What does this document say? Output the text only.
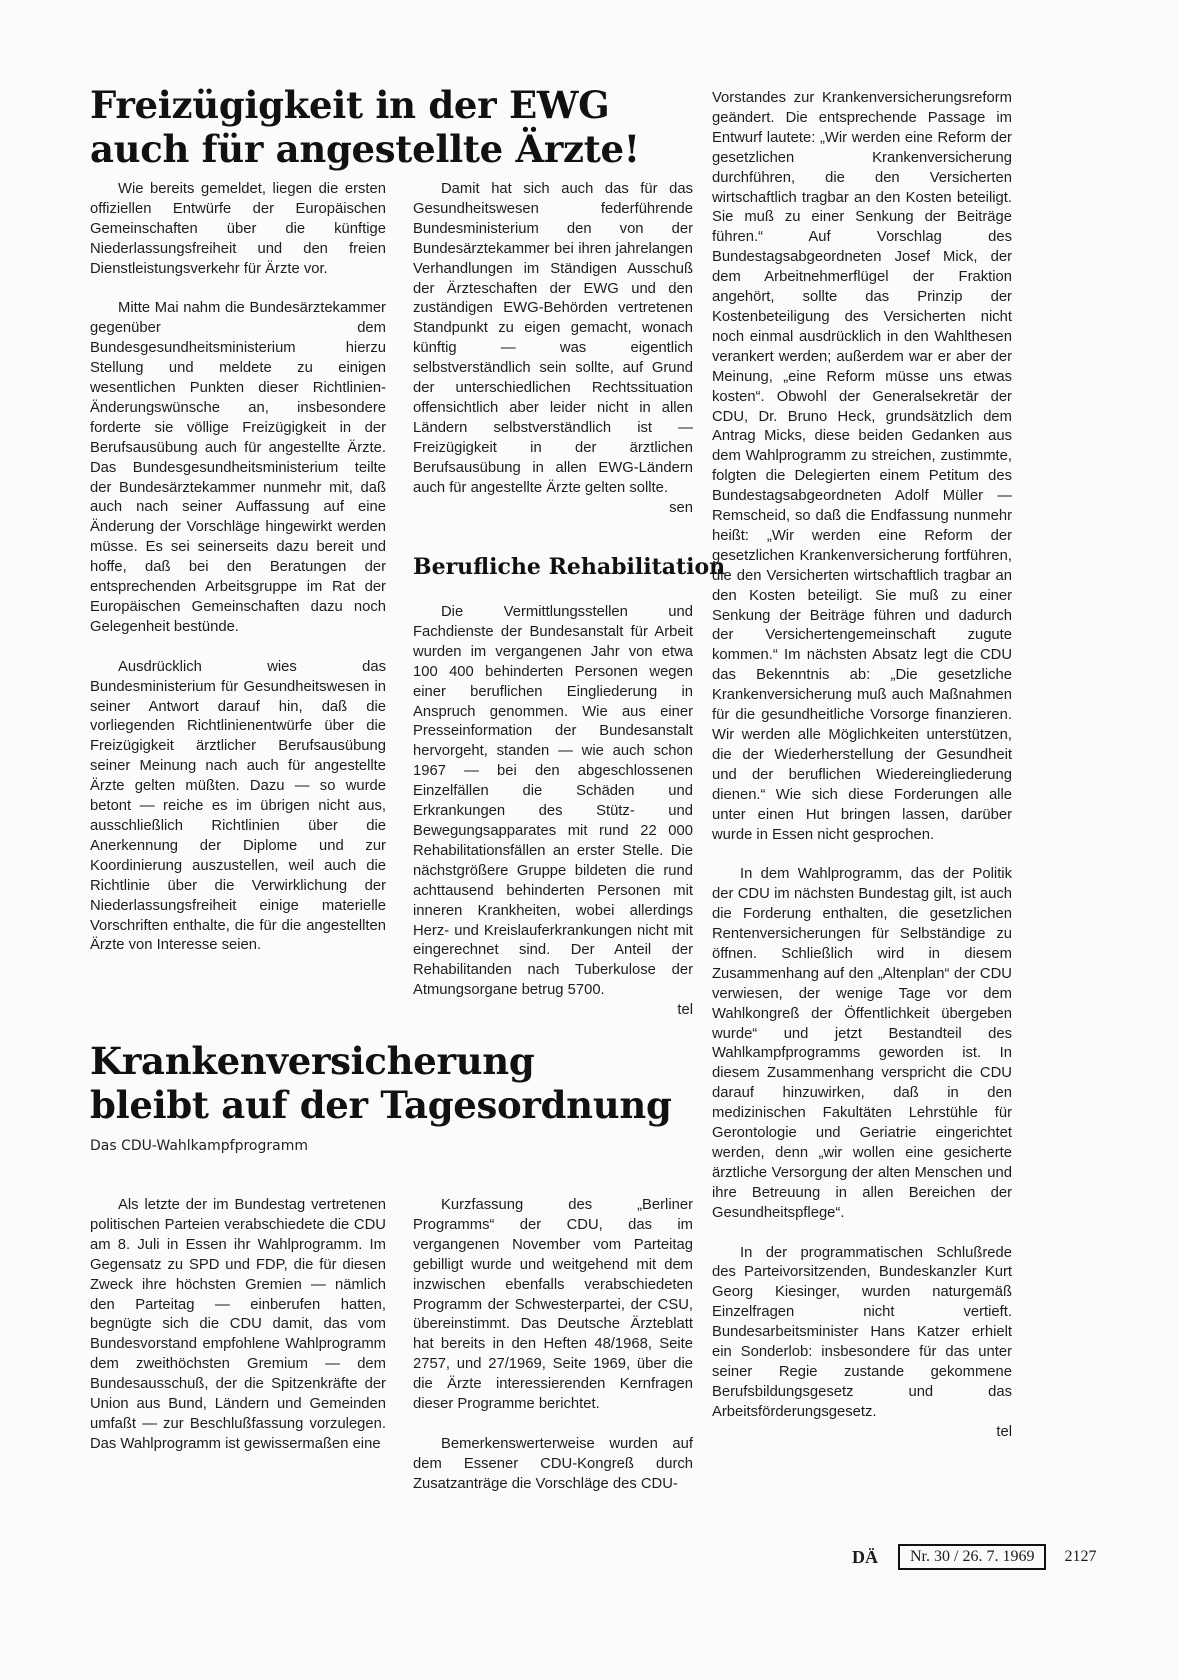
Freizügigkeit in der EWG
auch für angestellte Ärzte!

Wie bereits gemeldet, liegen die ersten offiziellen Entwürfe der Europäischen Gemeinschaften über die künftige Niederlassungsfreiheit und den freien Dienstleistungsverkehr für Ärzte vor.

Mitte Mai nahm die Bundesärztekammer gegenüber dem Bundesgesundheitsministerium hierzu Stellung und meldete zu einigen wesentlichen Punkten dieser Richtlinien-Änderungswünsche an, insbesondere forderte sie völlige Freizügigkeit in der Berufsausübung auch für angestellte Ärzte. Das Bundesgesundheitsministerium teilte der Bundesärztekammer nunmehr mit, daß auch nach seiner Auffassung auf eine Änderung der Vorschläge hingewirkt werden müsse. Es sei seinerseits dazu bereit und hoffe, daß bei den Beratungen der entsprechenden Arbeitsgruppe im Rat der Europäischen Gemeinschaften dazu noch Gelegenheit bestünde.

Ausdrücklich wies das Bundesministerium für Gesundheitswesen in seiner Antwort darauf hin, daß die vorliegenden Richtlinienentwürfe über die Freizügigkeit ärztlicher Berufsausübung seiner Meinung nach auch für angestellte Ärzte gelten müßten. Dazu — so wurde betont — reiche es im übrigen nicht aus, ausschließlich Richtlinien über die Anerkennung der Diplome und zur Koordinierung auszustellen, weil auch die Richtlinie über die Verwirklichung der Niederlassungsfreiheit einige materielle Vorschriften enthalte, die für die angestellten Ärzte von Interesse seien.

Damit hat sich auch das für das Gesundheitswesen federführende Bundesministerium den von der Bundesärztekammer bei ihren jahrelangen Verhandlungen im Ständigen Ausschuß der Ärzteschaften der EWG und den zuständigen EWG-Behörden vertretenen Standpunkt zu eigen gemacht, wonach künftig — was eigentlich selbstverständlich sein sollte, auf Grund der unterschiedlichen Rechtssituation offensichtlich aber leider nicht in allen Ländern selbstverständlich ist — Freizügigkeit in der ärztlichen Berufsausübung in allen EWG-Ländern auch für angestellte Ärzte gelten sollte.

sen
Berufliche Rehabilitation

Die Vermittlungsstellen und Fachdienste der Bundesanstalt für Arbeit wurden im vergangenen Jahr von etwa 100 400 behinderten Personen wegen einer beruflichen Eingliederung in Anspruch genommen. Wie aus einer Presseinformation der Bundesanstalt hervorgeht, standen — wie auch schon 1967 — bei den abgeschlossenen Einzelfällen die Schäden und Erkrankungen des Stütz- und Bewegungsapparates mit rund 22 000 Rehabilitationsfällen an erster Stelle. Die nächstgrößere Gruppe bildeten die rund achttausend behinderten Personen mit inneren Krankheiten, wobei allerdings Herz- und Kreislauferkrankungen nicht mit eingerechnet sind. Der Anteil der Rehabilitanden nach Tuberkulose der Atmungsorgane betrug 5700.

tel
Krankenversicherung
bleibt auf der Tagesordnung
Das CDU-Wahlkampfprogramm

Als letzte der im Bundestag vertretenen politischen Parteien verabschiedete die CDU am 8. Juli in Essen ihr Wahlprogramm. Im Gegensatz zu SPD und FDP, die für diesen Zweck ihre höchsten Gremien — nämlich den Parteitag — einberufen hatten, begnügte sich die CDU damit, das vom Bundesvorstand empfohlene Wahlprogramm dem zweithöchsten Gremium — dem Bundesausschuß, der die Spitzenkräfte der Union aus Bund, Ländern und Gemeinden umfaßt — zur Beschlußfassung vorzulegen. Das Wahlprogramm ist gewissermaßen eine

Kurzfassung des „Berliner Programms“ der CDU, das im vergangenen November vom Parteitag gebilligt wurde und weitgehend mit dem inzwischen ebenfalls verabschiedeten Programm der Schwesterpartei, der CSU, übereinstimmt. Das Deutsche Ärzteblatt hat bereits in den Heften 48/1968, Seite 2757, und 27/1969, Seite 1969, über die die Ärzte interessierenden Kernfragen dieser Programme berichtet.

Bemerkenswerterweise wurden auf dem Essener CDU-Kongreß durch Zusatzanträge die Vorschläge des CDU-

Vorstandes zur Krankenversicherungsreform geändert. Die entsprechende Passage im Entwurf lautete: „Wir werden eine Reform der gesetzlichen Krankenversicherung durchführen, die den Versicherten wirtschaftlich tragbar an den Kosten beteiligt. Sie muß zu einer Senkung der Beiträge führen.“ Auf Vorschlag des Bundestagsabgeordneten Josef Mick, der dem Arbeitnehmerflügel der Fraktion angehört, sollte das Prinzip der Kostenbeteiligung des Versicherten nicht noch einmal ausdrücklich in den Wahlthesen verankert werden; außerdem war er aber der Meinung, „eine Reform müsse uns etwas kosten“. Obwohl der Generalsekretär der CDU, Dr. Bruno Heck, grundsätzlich dem Antrag Micks, diese beiden Gedanken aus dem Wahlprogramm zu streichen, zustimmte, folgten die Delegierten einem Petitum des Bundestagsabgeordneten Adolf Müller — Remscheid, so daß die Endfassung nunmehr heißt: „Wir werden eine Reform der gesetzlichen Krankenversicherung fortführen, die den Versicherten wirtschaftlich tragbar an den Kosten beteiligt. Sie muß zu einer Senkung der Beiträge führen und dadurch der Versichertengemeinschaft zugute kommen.“ Im nächsten Absatz legt die CDU das Bekenntnis ab: „Die gesetzliche Krankenversicherung muß auch Maßnahmen für die gesundheitliche Vorsorge finanzieren. Wir werden alle Möglichkeiten unterstützen, die der Wiederherstellung der Gesundheit und der beruflichen Wiedereingliederung dienen.“ Wie sich diese Forderungen alle unter einen Hut bringen lassen, darüber wurde in Essen nicht gesprochen.

In dem Wahlprogramm, das der Politik der CDU im nächsten Bundestag gilt, ist auch die Forderung enthalten, die gesetzlichen Rentenversicherungen für Selbständige zu öffnen. Schließlich wird in diesem Zusammenhang auf den „Altenplan“ der CDU verwiesen, der wenige Tage vor dem Wahlkongreß der Öffentlichkeit übergeben wurde“ und jetzt Bestandteil des Wahlkampfprogramms geworden ist. In diesem Zusammenhang verspricht die CDU darauf hinzuwirken, daß in den medizinischen Fakultäten Lehrstühle für Gerontologie und Geriatrie eingerichtet werden, denn „wir wollen eine gesicherte ärztliche Versorgung der alten Menschen und ihre Betreuung in allen Bereichen der Gesundheitspflege“.

In der programmatischen Schlußrede des Parteivorsitzenden, Bundeskanzler Kurt Georg Kiesinger, wurden naturgemäß Einzelfragen nicht vertieft. Bundesarbeitsminister Hans Katzer erhielt ein Sonderlob: insbesondere für das unter seiner Regie zustande gekommene Berufsbildungsgesetz und das Arbeitsförderungsgesetz.

tel
DÄ	Nr. 30 / 26. 7. 1969	2127
